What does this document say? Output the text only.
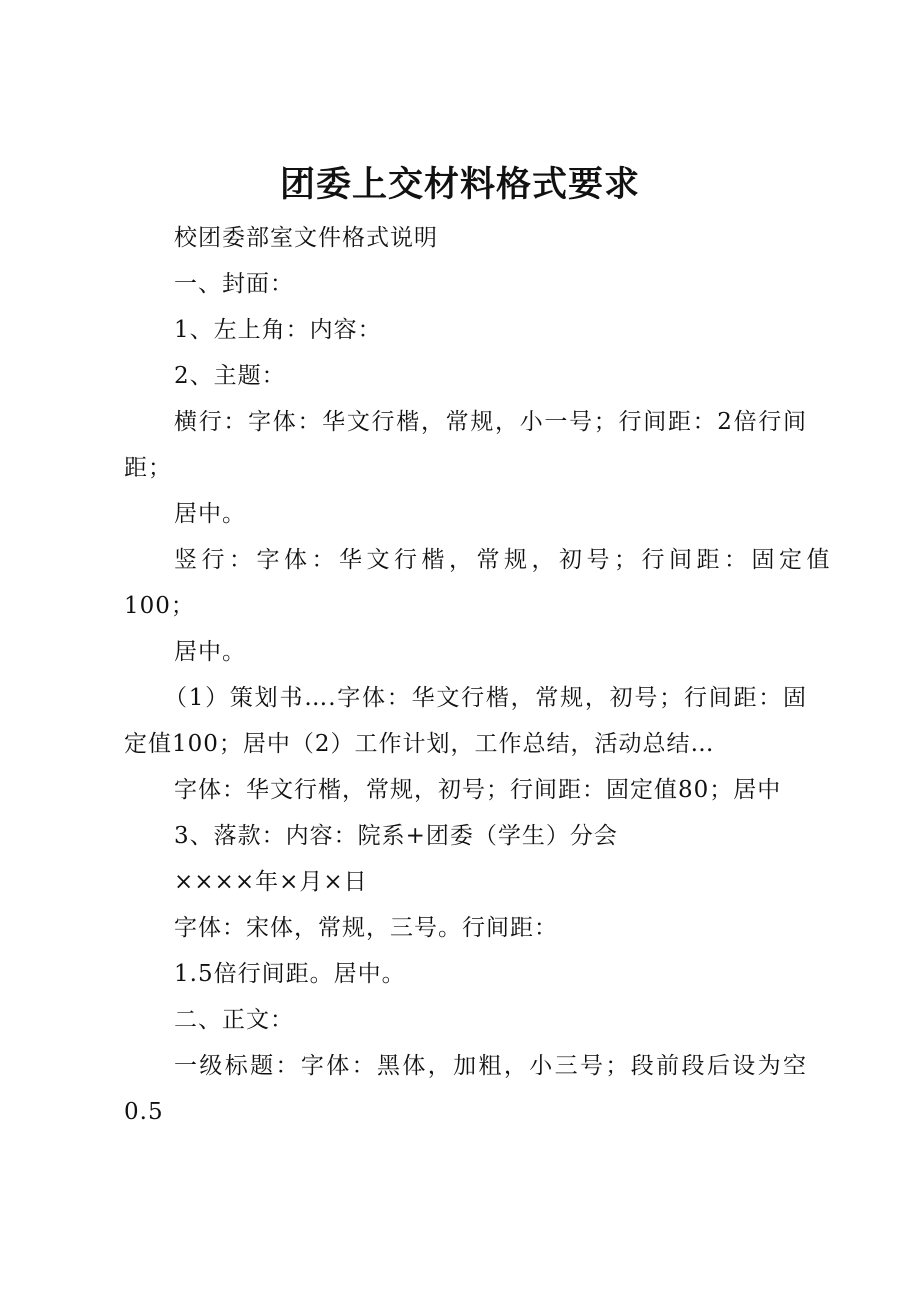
团委上交材料格式要求

校团委部室文件格式说明

一、封面：

1、左上角：内容：

2、主题：

横行：字体：华文行楷，常规，小一号；行间距：2倍行间

距；

居中。

竖行：字体：华文行楷，常规，初号；行间距：固定值

100；

居中。

（1）策划书….字体：华文行楷，常规，初号；行间距：固

定值100；居中（2）工作计划，工作总结，活动总结…

字体：华文行楷，常规，初号；行间距：固定值80；居中

3、落款：内容：院系+团委（学生）分会

××××年×月×日

字体：宋体，常规，三号。行间距：

1.5倍行间距。居中。

二、正文：

一级标题：字体：黑体，加粗，小三号；段前段后设为空

0.5
